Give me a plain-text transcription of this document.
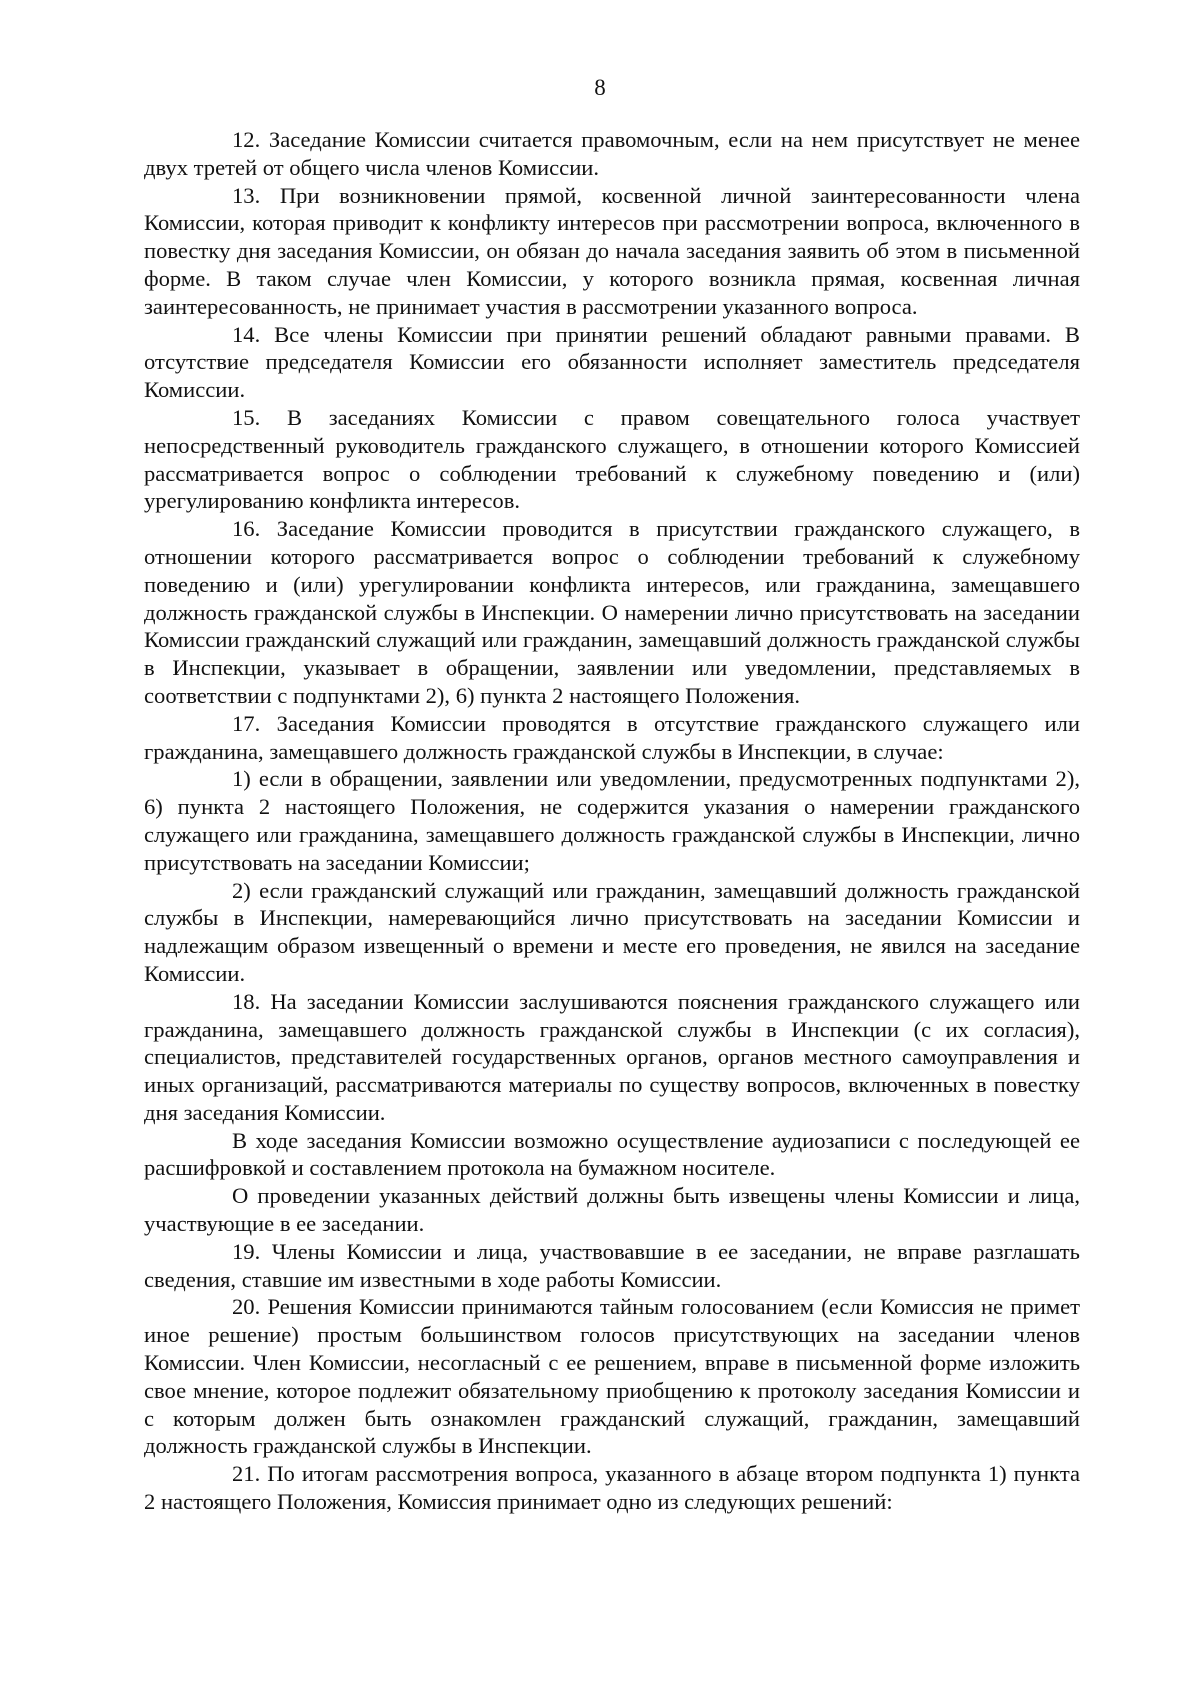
8

12. Заседание Комиссии считается правомочным, если на нем присутствует не менее двух третей от общего числа членов Комиссии.

13. При возникновении прямой, косвенной личной заинтересованности члена Комиссии, которая приводит к конфликту интересов при рассмотрении вопроса, включенного в повестку дня заседания Комиссии, он обязан до начала заседания заявить об этом в письменной форме. В таком случае член Комиссии, у которого возникла прямая, косвенная личная заинтересованность, не принимает участия в рассмотрении указанного вопроса.

14. Все члены Комиссии при принятии решений обладают равными правами. В отсутствие председателя Комиссии его обязанности исполняет заместитель председателя Комиссии.

15. В заседаниях Комиссии с правом совещательного голоса участвует непосредственный руководитель гражданского служащего, в отношении которого Комиссией рассматривается вопрос о соблюдении требований к служебному поведению и (или) урегулированию конфликта интересов.

16. Заседание Комиссии проводится в присутствии гражданского служащего, в отношении которого рассматривается вопрос о соблюдении требований к служебному поведению и (или) урегулировании конфликта интересов, или гражданина, замещавшего должность гражданской службы в Инспекции. О намерении лично присутствовать на заседании Комиссии гражданский служащий или гражданин, замещавший должность гражданской службы в Инспекции, указывает в обращении, заявлении или уведомлении, представляемых в соответствии с подпунктами 2), 6) пункта 2 настоящего Положения.

17. Заседания Комиссии проводятся в отсутствие гражданского служащего или гражданина, замещавшего должность гражданской службы в Инспекции, в случае:

1) если в обращении, заявлении или уведомлении, предусмотренных подпунктами 2), 6) пункта 2 настоящего Положения, не содержится указания о намерении гражданского служащего или гражданина, замещавшего должность гражданской службы в Инспекции, лично присутствовать на заседании Комиссии;

2) если гражданский служащий или гражданин, замещавший должность гражданской службы в Инспекции, намеревающийся лично присутствовать на заседании Комиссии и надлежащим образом извещенный о времени и месте его проведения, не явился на заседание Комиссии.

18. На заседании Комиссии заслушиваются пояснения гражданского служащего или гражданина, замещавшего должность гражданской службы в Инспекции (с их согласия), специалистов, представителей государственных органов, органов местного самоуправления и иных организаций, рассматриваются материалы по существу вопросов, включенных в повестку дня заседания Комиссии.

В ходе заседания Комиссии возможно осуществление аудиозаписи с последующей ее расшифровкой и составлением протокола на бумажном носителе.

О проведении указанных действий должны быть извещены члены Комиссии и лица, участвующие в ее заседании.

19. Члены Комиссии и лица, участвовавшие в ее заседании, не вправе разглашать сведения, ставшие им известными в ходе работы Комиссии.

20. Решения Комиссии принимаются тайным голосованием (если Комиссия не примет иное решение) простым большинством голосов присутствующих на заседании членов Комиссии. Член Комиссии, несогласный с ее решением, вправе в письменной форме изложить свое мнение, которое подлежит обязательному приобщению к протоколу заседания Комиссии и с которым должен быть ознакомлен гражданский служащий, гражданин, замещавший должность гражданской службы в Инспекции.

21. По итогам рассмотрения вопроса, указанного в абзаце втором подпункта 1) пункта 2 настоящего Положения, Комиссия принимает одно из следующих решений:
